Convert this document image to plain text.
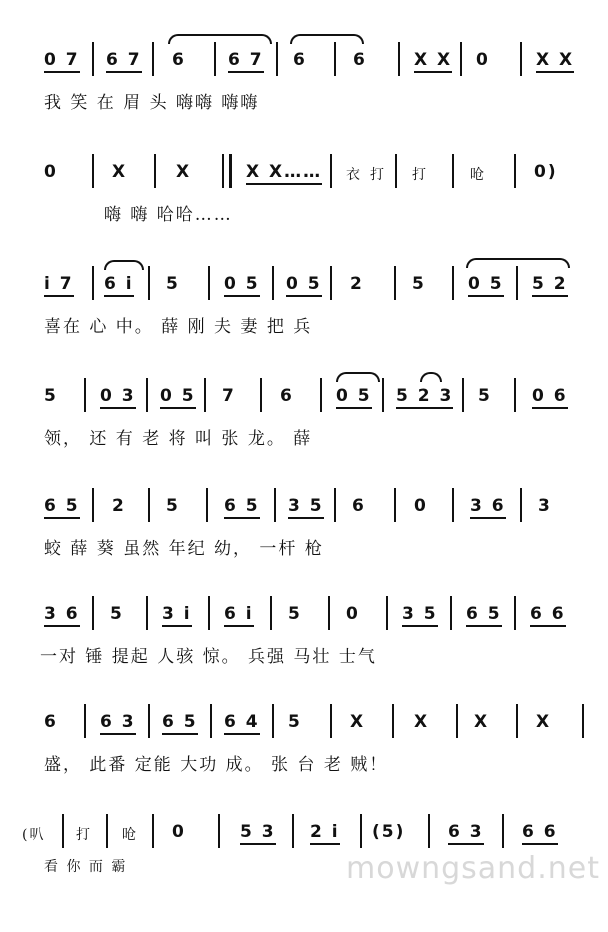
0 7 6 7 6 6 7 6	6	X X 0	X X
我 笑 在 眉 头 嗨嗨 嗨嗨
0	X	X	X X…… 衣 打 打	呛	0)
嗨 嗨 哈哈……
i 7 6 i 5	0 5 0 5 2	5 0 5 5 2
喜在 心 中。 薛 刚 夫 妻 把 兵
5 0 3 0 5 7	6 0 5 5 2 3 5 0 6
领， 还 有 老 将 叫 张 龙。 薛
6 5 2 5	6 5 3 5 6	0 3 6 3
蛟 薛 葵 虽然 年纪 幼， 一杆 枪
3 6 5 3 i 6 i 5	0 3 5 6 5 6 6
一对 锤 提起 人骇 惊。 兵强 马壮 士气
6 6 3 6 5 6 4 5	X	X	X	X
盛， 此番 定能 大功 成。 张 台 老 贼！
(叭 打 呛 0	5 3 2 i (5)	6 3 6 6
看 你 而 霸	mowngsand.net
